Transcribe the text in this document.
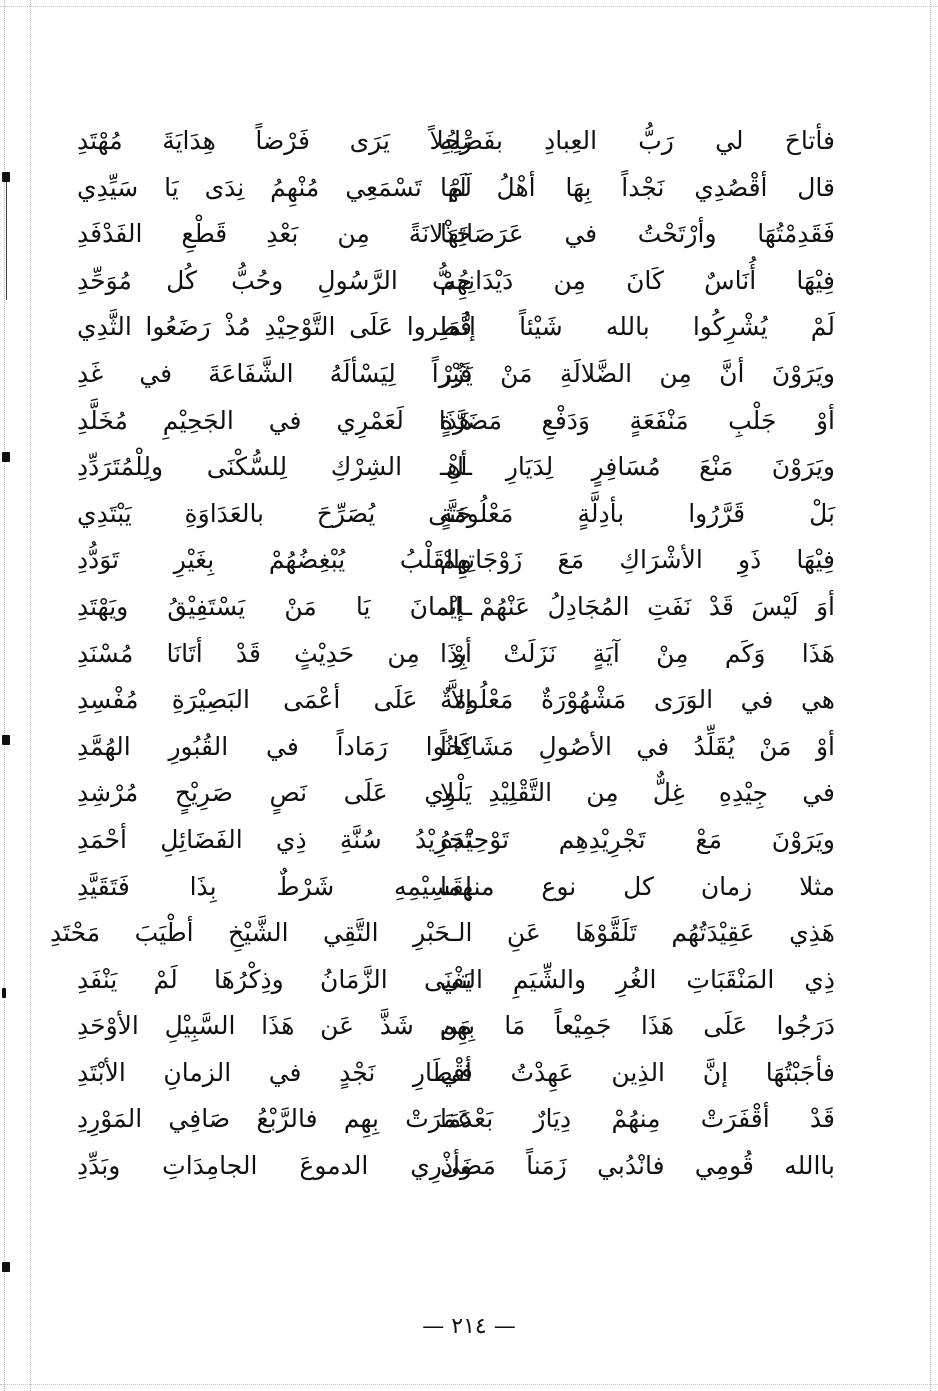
فأتاحَ لي رَبُّ العِبادِ بفَضْلِهِ
رَجُلاً يَرَى فَرْضاً هِدَايَةَ مُهْتَدِ
قال أقْصُدِي نَجْداً بِهَا أهْلُ لَهَا
لَمْ تَسْمَعِي مُنْهِمُ نِدَى يَا سَيِّدِي
فَقَدِمْتُهَا وأرْتَحْتُ في عَرَصَاتِهَا
جَذْلانَةً مِن بَعْدِ قَطْعِ الفَدْفَدِ
فِيْهَا أُنَاسٌ كَانَ مِن دَيْدَانِهِمْ
حُبُّ الرَّسُولِ وحُبُّ كُل مُوَحِّدِ
لَمْ يُشْرِكُوا بالله شَيْئاً إنَّمَا
فُطِروا عَلَى التَّوْحِيْدِ مُذْ رَضَعُوا الثَّدِي
ويَرَوْنَ أنَّ مِن الضَّلالَةِ مَنْ يَزُرْ
قَبْراً لِيَسْألَهُ الشَّفَاعَةَ في غَدِ
أوْ جَلْبِ مَنْفَعَةٍ وَدَفْعِ مَضَرَّةٍ
هَذَا لَعَمْرِي في الجَحِيْمِ مُخَلَّدِ
ويَرَوْنَ مَنْعَ مُسَافِرٍ لِدَيَارِ أهْـ
ـلِ الشِرْكِ لِلسُّكْنَى ولِلْمُتَرَدِّدِ
بَلْ قَرَّرُوا بأدِلَّةٍ مَعْلُومَةٍ
حَتَّى يُصَرِّحَ بالعَدَاوَةِ يَبْتَدِي
فِيْهَا ذَوِ الأشْرَاكِ مَعَ زَوْجَاتِهِمْ
والقَلْبُ يُبْغِضُهُمْ بِغَيْرِ تَوَدُّدِ
أوَ لَيْسَ قَدْ نَفَتِ المُجَادِلُ عَنْهُمْ الـ
ـإيْمانَ يَا مَنْ يَسْتَفِيْقُ ويَهْتَدِ
هَذَا وَكَم مِنْ آيَةٍ نَزَلَتْ بِذَا
أوْ مِن حَدِيْثٍ قَدْ أتَانَا مُسْنَدِ
هي في الوَرَى مَشْهُوْرَةٌ مَعْلُومَةٌ
إلاَّ عَلَى أعْمَى البَصِيْرَةِ مُفْسِدِ
أوْ مَنْ يُقَلِّدُ في الأصُولِ مَشَائِخاً
كَانُوا رَمَاداً في القُبُورِ الهُمَّدِ
في جِيْدِهِ غِلٌّ مِن التَّقْلِيْدِ لا
يَلْوِي عَلَى نَصٍ صَرِيْحٍ مُرْشِدِ
ويَرَوْنَ مَعْ تَجْرِيْدِهِم تَوْحِيْدَهُ
تَجرِيْدُ سُنَّةِ ذِي الفَضَائِلِ أحْمَدِ
مثلا زمان كل نوع منهما
لِقَسِيْمِهِ شَرْطٌ بِذَا فَتَقَيَّدِ
هَذِي عَقِيْدَتُهُم تَلَقَّوْهَا عَنِ الـحَبْرِ التَّقِي الشَّيْخِ أطْيَبَ مَحْتَدِ
ذِي المَنْقَبَاتِ الغُرِ والشِّيَمِ التي
يَفْنَى الزَّمَانُ وذِكْرُهَا لَمْ يَنْفَدِ
دَرَجُوا عَلَى هَذَا جَمِيْعاً مَا بِهِم
مَن شَذَّ عَن هَذَا السَّبِيْلِ الأوْحَدِ
فأجَبْتُهَا إنَّ الذِين عَهِدْتُ في
أقْطَارِ نَجْدٍ في الزمانِ الأبْتَدِ
قَدْ أقْفَرَتْ مِنهُمْ دِيَارٌ بَعْدَمَا
عَمَرَتْ بِهِم فالرَّبْعُ صَافِي المَوْرِدِ
باالله قُومِي فانْدُبي زَمَناً مَضَى
وأذْرِي الدموعَ الجامِدَاتِ وبَدِّدِ
— ٢١٤ —
